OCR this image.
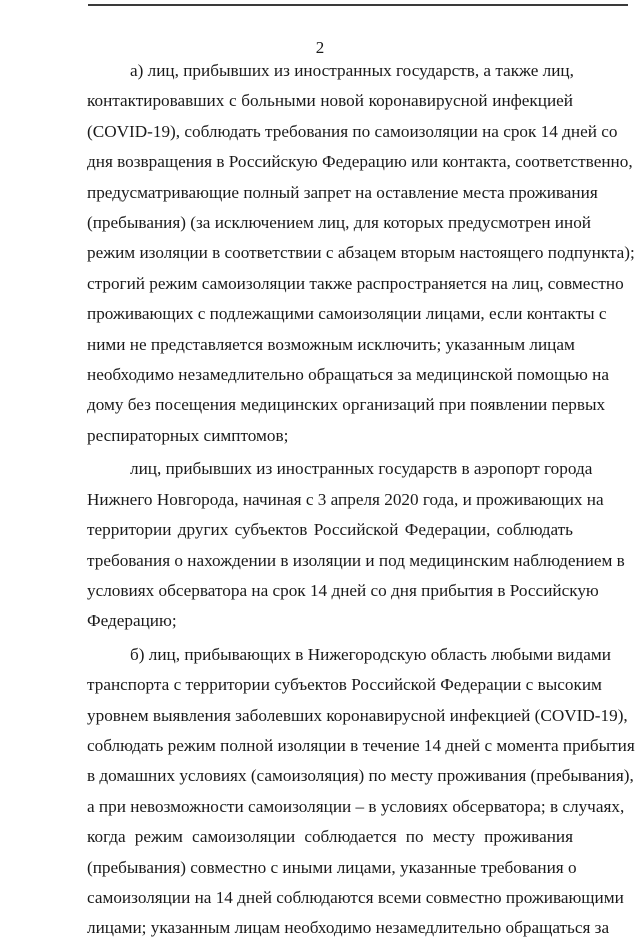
2

а) лиц, прибывших из иностранных государств, а также лиц,
контактировавших с больными новой коронавирусной инфекцией
(COVID-19), соблюдать требования по самоизоляции на срок 14 дней со
дня возвращения в Российскую Федерацию или контакта, соответственно,
предусматривающие полный запрет на оставление места проживания
(пребывания) (за исключением лиц, для которых предусмотрен иной
режим изоляции в соответствии с абзацем вторым настоящего подпункта);
строгий режим самоизоляции также распространяется на лиц, совместно
проживающих с подлежащими самоизоляции лицами, если контакты с
ними не представляется возможным исключить; указанным лицам
необходимо незамедлительно обращаться за медицинской помощью на
дому без посещения медицинских организаций при появлении первых
респираторных симптомов;

лиц, прибывших из иностранных государств в аэропорт города
Нижнего Новгорода, начиная с 3 апреля 2020 года, и проживающих на
территории других субъектов Российской Федерации, соблюдать
требования о нахождении в изоляции и под медицинским наблюдением в
условиях обсерватора на срок 14 дней со дня прибытия в Российскую
Федерацию;

б) лиц, прибывающих в Нижегородскую область любыми видами
транспорта с территории субъектов Российской Федерации с высоким
уровнем выявления заболевших коронавирусной инфекцией (COVID-19),
соблюдать режим полной изоляции в течение 14 дней с момента прибытия
в домашних условиях (самоизоляция) по месту проживания (пребывания),
а при невозможности самоизоляции – в условиях обсерватора; в случаях,
когда режим самоизоляции соблюдается по месту проживания
(пребывания) совместно с иными лицами, указанные требования о
самоизоляции на 14 дней соблюдаются всеми совместно проживающими
лицами; указанным лицам необходимо незамедлительно обращаться за
